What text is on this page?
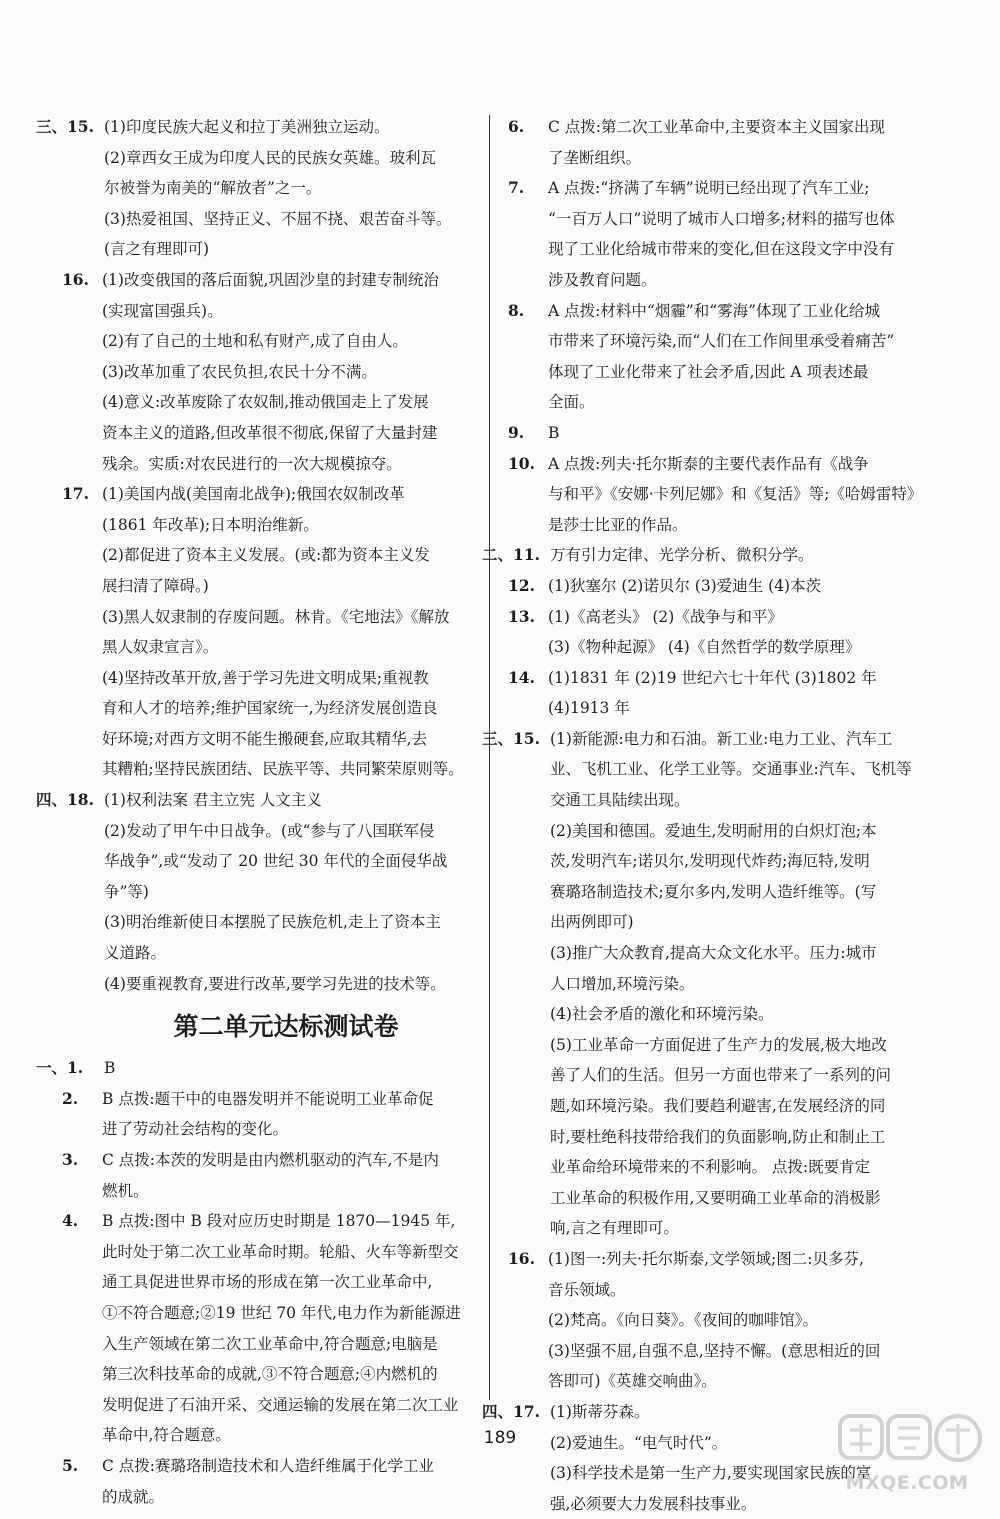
三、15. (1)印度民族大起义和拉丁美洲独立运动。
(2)章西女王成为印度人民的民族女英雄。玻利瓦
尔被誉为南美的“解放者”之一。
(3)热爱祖国、坚持正义、不屈不挠、艰苦奋斗等。
(言之有理即可)
16. (1)改变俄国的落后面貌,巩固沙皇的封建专制统治
(实现富国强兵)。
(2)有了自己的土地和私有财产,成了自由人。
(3)改革加重了农民负担,农民十分不满。
(4)意义:改革废除了农奴制,推动俄国走上了发展
资本主义的道路,但改革很不彻底,保留了大量封建
残余。实质:对农民进行的一次大规模掠夺。
17. (1)美国内战(美国南北战争);俄国农奴制改革
(1861 年改革);日本明治维新。
(2)都促进了资本主义发展。(或:都为资本主义发
展扫清了障碍。)
(3)黑人奴隶制的存废问题。林肯。《宅地法》《解放
黑人奴隶宣言》。
(4)坚持改革开放,善于学习先进文明成果;重视教
育和人才的培养;维护国家统一,为经济发展创造良
好环境;对西方文明不能生搬硬套,应取其精华,去
其糟粕;坚持民族团结、民族平等、共同繁荣原则等。
四、18. (1)权利法案 君主立宪 人文主义
(2)发动了甲午中日战争。(或“参与了八国联军侵
华战争”,或“发动了 20 世纪 30 年代的全面侵华战
争”等)
(3)明治维新使日本摆脱了民族危机,走上了资本主
义道路。
(4)要重视教育,要进行改革,要学习先进的技术等。
第二单元达标测试卷
一、1. B
2. B 点拨:题干中的电器发明并不能说明工业革命促
进了劳动社会结构的变化。
3. C 点拨:本茨的发明是由内燃机驱动的汽车,不是内
燃机。
4. B 点拨:图中 B 段对应历史时期是 1870—1945 年,
此时处于第二次工业革命时期。轮船、火车等新型交
通工具促进世界市场的形成在第一次工业革命中,
①不符合题意;②19 世纪 70 年代,电力作为新能源进
入生产领域在第二次工业革命中,符合题意;电脑是
第三次科技革命的成就,③不符合题意;④内燃机的
发明促进了石油开采、交通运输的发展在第二次工业
革命中,符合题意。
5. C 点拨:赛璐珞制造技术和人造纤维属于化学工业
的成就。
6. C 点拨:第二次工业革命中,主要资本主义国家出现
了垄断组织。
7. A 点拨:“挤满了车辆”说明已经出现了汽车工业;
“一百万人口”说明了城市人口增多;材料的描写也体
现了工业化给城市带来的变化,但在这段文字中没有
涉及教育问题。
8. A 点拨:材料中“烟霾”和“雾海”体现了工业化给城
市带来了环境污染,而“人们在工作间里承受着痛苦”
体现了工业化带来了社会矛盾,因此 A 项表述最
全面。
9. B
10. A 点拨:列夫·托尔斯泰的主要代表作品有《战争
与和平》《安娜·卡列尼娜》和《复活》等;《哈姆雷特》
是莎士比亚的作品。
二、11. 万有引力定律、光学分析、微积分学。
12. (1)狄塞尔 (2)诺贝尔 (3)爱迪生 (4)本茨
13. (1)《高老头》 (2)《战争与和平》
(3)《物种起源》 (4)《自然哲学的数学原理》
14. (1)1831 年 (2)19 世纪六七十年代 (3)1802 年
(4)1913 年
三、15. (1)新能源:电力和石油。新工业:电力工业、汽车工
业、飞机工业、化学工业等。交通事业:汽车、飞机等
交通工具陆续出现。
(2)美国和德国。爱迪生,发明耐用的白炽灯泡;本
茨,发明汽车;诺贝尔,发明现代炸药;海厄特,发明
赛璐珞制造技术;夏尔多内,发明人造纤维等。(写
出两例即可)
(3)推广大众教育,提高大众文化水平。压力:城市
人口增加,环境污染。
(4)社会矛盾的激化和环境污染。
(5)工业革命一方面促进了生产力的发展,极大地改
善了人们的生活。但另一方面也带来了一系列的问
题,如环境污染。我们要趋利避害,在发展经济的同
时,要杜绝科技带给我们的负面影响,防止和制止工
业革命给环境带来的不利影响。 点拨:既要肯定
工业革命的积极作用,又要明确工业革命的消极影
响,言之有理即可。
16. (1)图一:列夫·托尔斯泰,文学领域;图二:贝多芬,
音乐领域。
(2)梵高。《向日葵》。《夜间的咖啡馆》。
(3)坚强不屈,自强不息,坚持不懈。(意思相近的回
答即可)《英雄交响曲》。
四、17. (1)斯蒂芬森。
(2)爱迪生。“电气时代”。
(3)科学技术是第一生产力,要实现国家民族的富
强,必须要大力发展科技事业。
189
MXQE.COM
